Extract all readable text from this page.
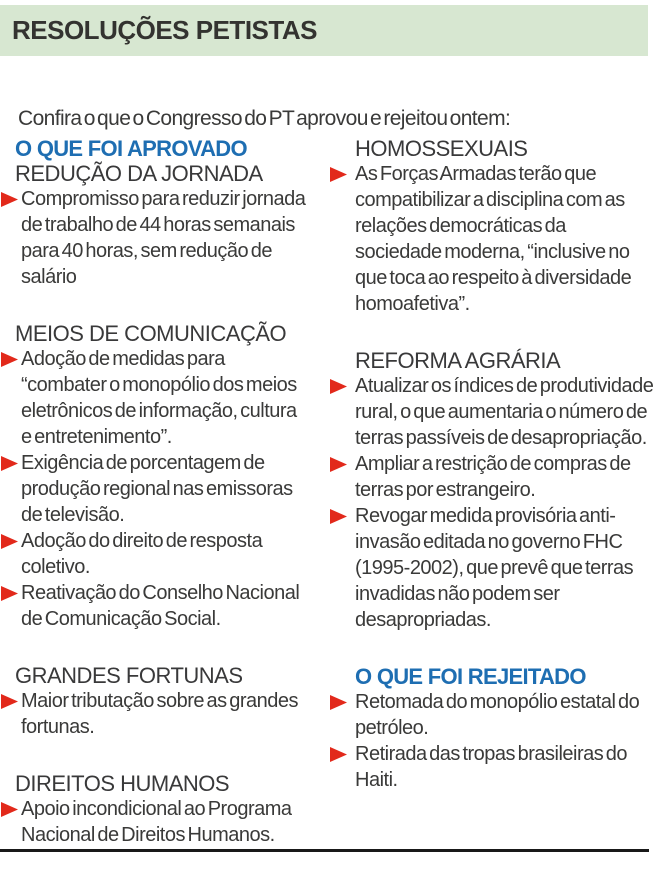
RESOLUÇÕES PETISTAS

Confira o que o Congresso do PT aprovou e rejeitou ontem:

O QUE FOI APROVADO
REDUÇÃO DA JORNADA
Compromisso para reduzir jornada de trabalho de 44 horas semanais para 40 horas, sem redução de salário
MEIOS DE COMUNICAÇÃO
Adoção de medidas para “combater o monopólio dos meios eletrônicos de informação, cultura e entretenimento”.
Exigência de porcentagem de produção regional nas emissoras de televisão.
Adoção do direito de resposta coletivo.
Reativação do Conselho Nacional de Comunicação Social.
GRANDES FORTUNAS
Maior tributação sobre as grandes fortunas.
DIREITOS HUMANOS
Apoio incondicional ao Programa Nacional de Direitos Humanos.
HOMOSSEXUAIS
As Forças Armadas terão que compatibilizar a disciplina com as relações democráticas da sociedade moderna, “inclusive no que toca ao respeito à diversidade homoafetiva”.
REFORMA AGRÁRIA
Atualizar os índices de produtividade rural, o que aumentaria o número de terras passíveis de desapropriação.
Ampliar a restrição de compras de terras por estrangeiro.
Revogar medida provisória anti-invasão editada no governo FHC (1995-2002), que prevê que terras invadidas não podem ser desapropriadas.
O QUE FOI REJEITADO
Retomada do monopólio estatal do petróleo.
Retirada das tropas brasileiras do Haiti.
